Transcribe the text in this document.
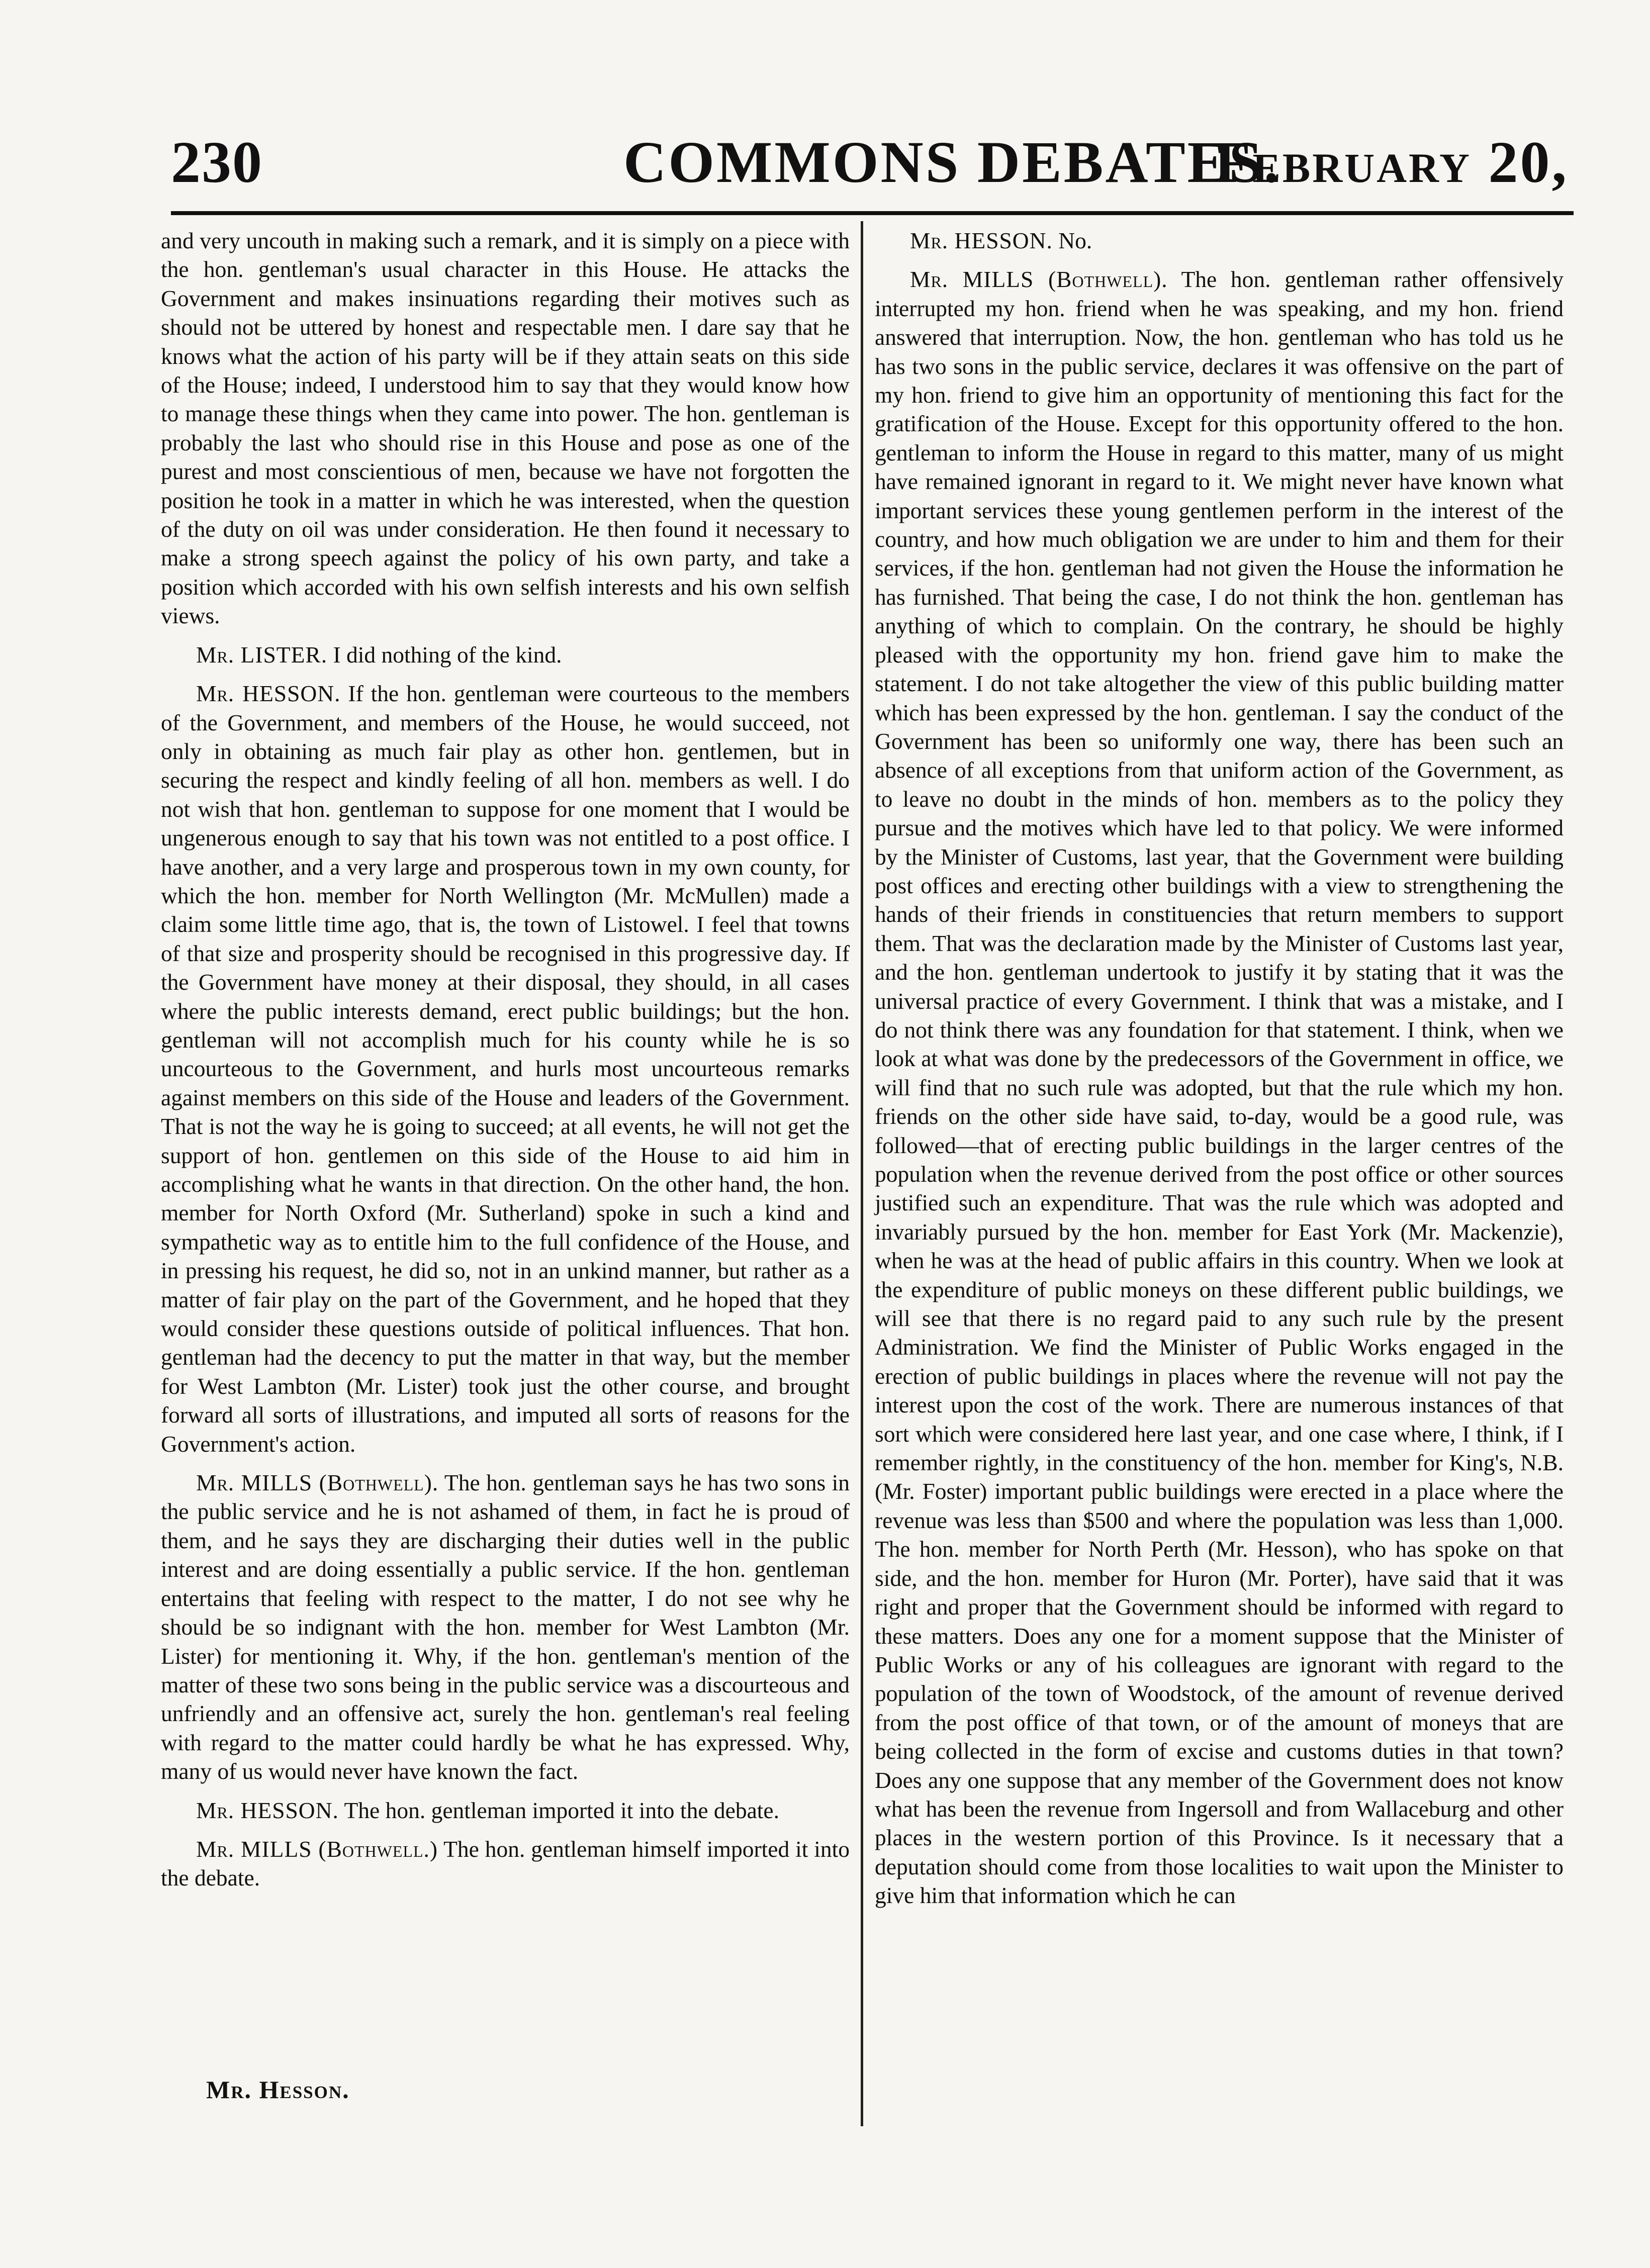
230	COMMONS DEBATES.
February 20,

and very uncouth in making such a remark, and it is simply on a piece with the hon. gentleman's usual character in this House. He attacks the Government and makes insinuations regarding their motives such as should not be uttered by honest and respectable men. I dare say that he knows what the action of his party will be if they attain seats on this side of the House; indeed, I understood him to say that they would know how to manage these things when they came into power. The hon. gentleman is probably the last who should rise in this House and pose as one of the purest and most conscientious of men, because we have not forgotten the position he took in a matter in which he was interested, when the question of the duty on oil was under consideration. He then found it necessary to make a strong speech against the policy of his own party, and take a position which accorded with his own selfish interests and his own selfish views.

Mr. LISTER. I did nothing of the kind.

Mr. HESSON. If the hon. gentleman were courteous to the members of the Government, and members of the House, he would succeed, not only in obtaining as much fair play as other hon. gentlemen, but in securing the respect and kindly feeling of all hon. members as well. I do not wish that hon. gentleman to suppose for one moment that I would be ungenerous enough to say that his town was not entitled to a post office. I have another, and a very large and prosperous town in my own county, for which the hon. member for North Wellington (Mr. McMullen) made a claim some little time ago, that is, the town of Listowel. I feel that towns of that size and prosperity should be recognised in this progressive day. If the Government have money at their disposal, they should, in all cases where the public interests demand, erect public buildings; but the hon. gentleman will not accomplish much for his county while he is so uncourteous to the Government, and hurls most uncourteous remarks against members on this side of the House and leaders of the Government. That is not the way he is going to succeed; at all events, he will not get the support of hon. gentlemen on this side of the House to aid him in accomplishing what he wants in that direction. On the other hand, the hon. member for North Oxford (Mr. Sutherland) spoke in such a kind and sympathetic way as to entitle him to the full confidence of the House, and in pressing his request, he did so, not in an unkind manner, but rather as a matter of fair play on the part of the Government, and he hoped that they would consider these questions outside of political influences. That hon. gentleman had the decency to put the matter in that way, but the member for West Lambton (Mr. Lister) took just the other course, and brought forward all sorts of illustrations, and imputed all sorts of reasons for the Government's action.

Mr. MILLS (Bothwell). The hon. gentleman says he has two sons in the public service and he is not ashamed of them, in fact he is proud of them, and he says they are discharging their duties well in the public interest and are doing essentially a public service. If the hon. gentleman entertains that feeling with respect to the matter, I do not see why he should be so indignant with the hon. member for West Lambton (Mr. Lister) for mentioning it. Why, if the hon. gentleman's mention of the matter of these two sons being in the public service was a discourteous and unfriendly and an offensive act, surely the hon. gentleman's real feeling with regard to the matter could hardly be what he has expressed. Why, many of us would never have known the fact.

Mr. HESSON. The hon. gentleman imported it into the debate.

Mr. MILLS (Bothwell.) The hon. gentleman himself imported it into the debate.

Mr. Hesson.

Mr. HESSON. No.

Mr. MILLS (Bothwell). The hon. gentleman rather offensively interrupted my hon. friend when he was speaking, and my hon. friend answered that interruption. Now, the hon. gentleman who has told us he has two sons in the public service, declares it was offensive on the part of my hon. friend to give him an opportunity of mentioning this fact for the gratification of the House. Except for this opportunity offered to the hon. gentleman to inform the House in regard to this matter, many of us might have remained ignorant in regard to it. We might never have known what important services these young gentlemen perform in the interest of the country, and how much obligation we are under to him and them for their services, if the hon. gentleman had not given the House the information he has furnished. That being the case, I do not think the hon. gentleman has anything of which to complain. On the contrary, he should be highly pleased with the opportunity my hon. friend gave him to make the statement. I do not take altogether the view of this public building matter which has been expressed by the hon. gentleman. I say the conduct of the Government has been so uniformly one way, there has been such an absence of all exceptions from that uniform action of the Government, as to leave no doubt in the minds of hon. members as to the policy they pursue and the motives which have led to that policy. We were informed by the Minister of Customs, last year, that the Government were building post offices and erecting other buildings with a view to strengthening the hands of their friends in constituencies that return members to support them. That was the declaration made by the Minister of Customs last year, and the hon. gentleman undertook to justify it by stating that it was the universal practice of every Government. I think that was a mistake, and I do not think there was any foundation for that statement. I think, when we look at what was done by the predecessors of the Government in office, we will find that no such rule was adopted, but that the rule which my hon. friends on the other side have said, to-day, would be a good rule, was followed—that of erecting public buildings in the larger centres of the population when the revenue derived from the post office or other sources justified such an expenditure. That was the rule which was adopted and invariably pursued by the hon. member for East York (Mr. Mackenzie), when he was at the head of public affairs in this country. When we look at the expenditure of public moneys on these different public buildings, we will see that there is no regard paid to any such rule by the present Administration. We find the Minister of Public Works engaged in the erection of public buildings in places where the revenue will not pay the interest upon the cost of the work. There are numerous instances of that sort which were considered here last year, and one case where, I think, if I remember rightly, in the constituency of the hon. member for King's, N.B. (Mr. Foster) important public buildings were erected in a place where the revenue was less than $500 and where the population was less than 1,000. The hon. member for North Perth (Mr. Hesson), who has spoke on that side, and the hon. member for Huron (Mr. Porter), have said that it was right and proper that the Government should be informed with regard to these matters. Does any one for a moment suppose that the Minister of Public Works or any of his colleagues are ignorant with regard to the population of the town of Woodstock, of the amount of revenue derived from the post office of that town, or of the amount of moneys that are being collected in the form of excise and customs duties in that town? Does any one suppose that any member of the Government does not know what has been the revenue from Ingersoll and from Wallaceburg and other places in the western portion of this Province. Is it necessary that a deputation should come from those localities to wait upon the Minister to give him that information which he can
